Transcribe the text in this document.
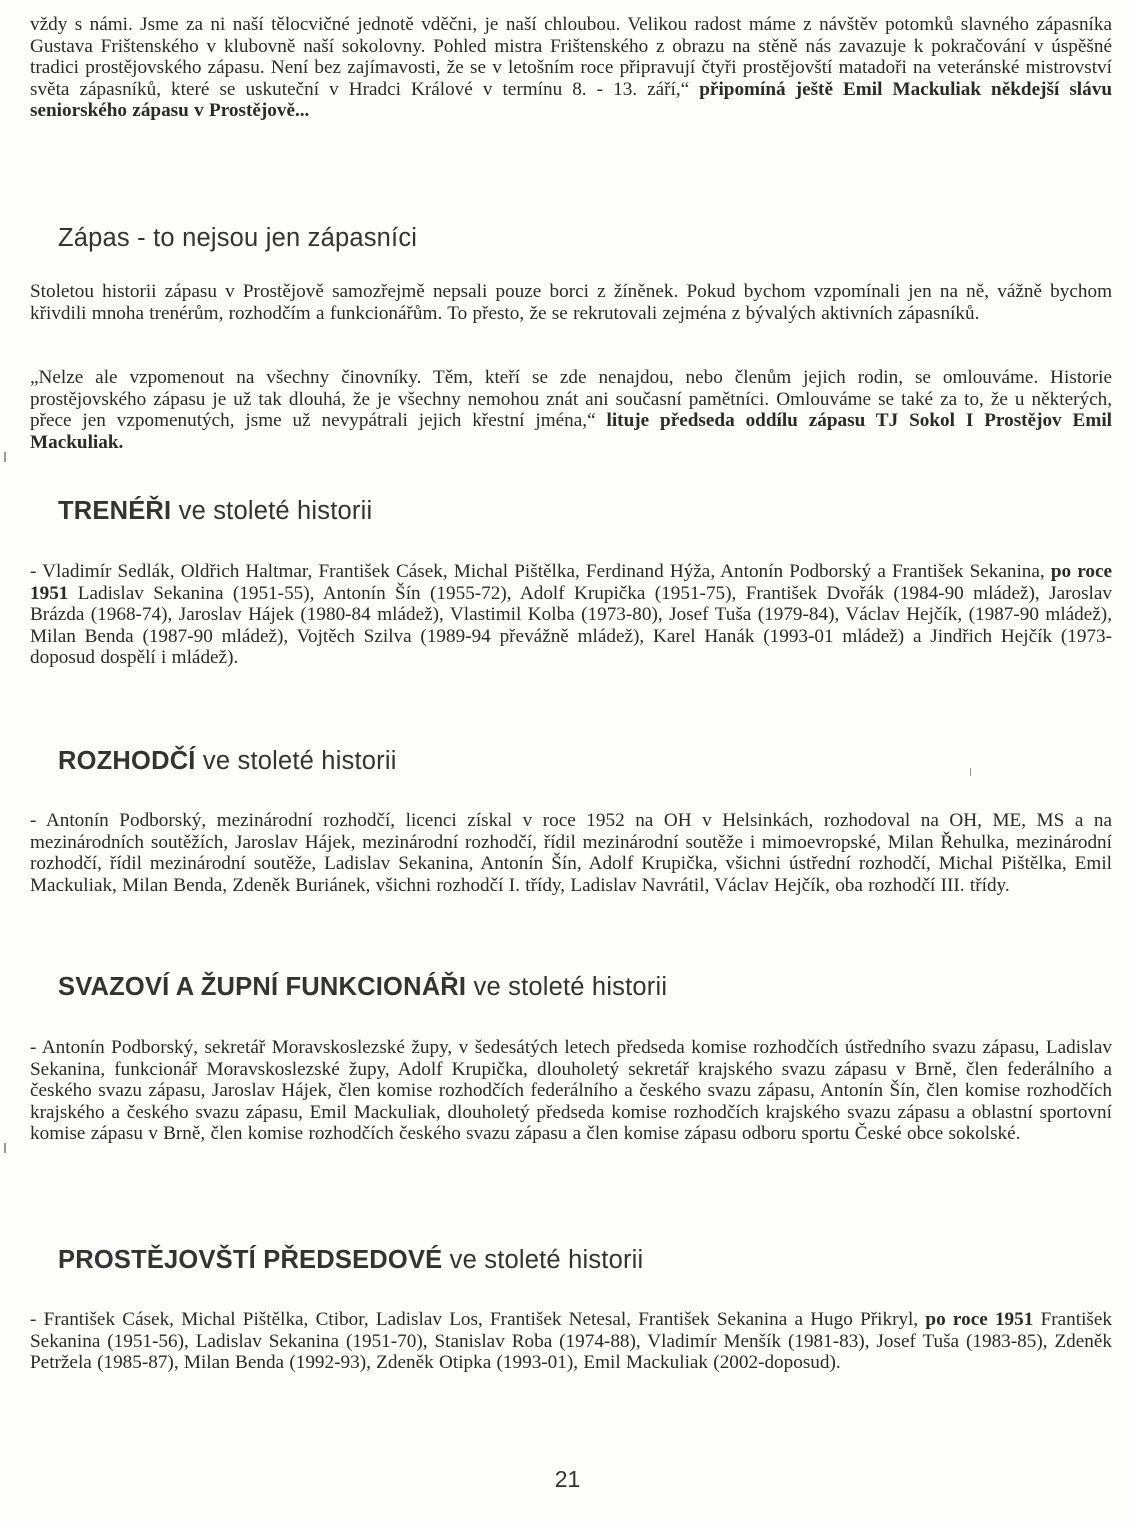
vždy s námi. Jsme za ni naší tělocvičné jednotě vděčni, je naší chloubou. Velikou radost máme z návštěv potomků slavného zápasníka Gustava Frištenského v klubovně naší sokolovny. Pohled mistra Frištenského z obrazu na stěně nás zavazuje k pokračování v úspěšné tradici prostějovského zápasu. Není bez zajímavosti, že se v letošním roce připravují čtyři prostějovští matadoři na veteránské mistrovství světa zápasníků, které se uskuteční v Hradci Králové v termínu 8. - 13. září,“ připomíná ještě Emil Mackuliak někdejší slávu seniorského zápasu v Prostějově...

Zápas - to nejsou jen zápasníci

Stoletou historii zápasu v Prostějově samozřejmě nepsali pouze borci z žíněnek. Pokud bychom vzpomínali jen na ně, vážně bychom křivdili mnoha trenérům, rozhodčím a funkcionářům. To přesto, že se rekrutovali zejména z bývalých aktivních zápasníků.

„Nelze ale vzpomenout na všechny činovníky. Těm, kteří se zde nenajdou, nebo členům jejich rodin, se omlouváme. Historie prostějovského zápasu je už tak dlouhá, že je všechny nemohou znát ani současní pamětníci. Omlouváme se také za to, že u některých, přece jen vzpomenutých, jsme už nevypátrali jejich křestní jména,“ lituje předseda oddílu zápasu TJ Sokol I Prostějov Emil Mackuliak.

TRENÉŘI ve stoleté historii

- Vladimír Sedlák, Oldřich Haltmar, František Cásek, Michal Pištělka, Ferdinand Hýža, Antonín Podborský a František Sekanina, po roce 1951 Ladislav Sekanina (1951-55), Antonín Šín (1955-72), Adolf Krupička (1951-75), František Dvořák (1984-90 mládež), Jaroslav Brázda (1968-74), Jaroslav Hájek (1980-84 mládež), Vlastimil Kolba (1973-80), Josef Tuša (1979-84), Václav Hejčík, (1987-90 mládež), Milan Benda (1987-90 mládež), Vojtěch Szilva (1989-94 převážně mládež), Karel Hanák (1993-01 mládež) a Jindřich Hejčík (1973-doposud dospělí i mládež).

ROZHODČÍ ve stoleté historii

- Antonín Podborský, mezinárodní rozhodčí, licenci získal v roce 1952 na OH v Helsinkách, rozhodoval na OH, ME, MS a na mezinárodních soutěžích, Jaroslav Hájek, mezinárodní rozhodčí, řídil mezinárodní soutěže i mimoevropské, Milan Řehulka, mezinárodní rozhodčí, řídil mezinárodní soutěže, Ladislav Sekanina, Antonín Šín, Adolf Krupička, všichni ústřední rozhodčí, Michal Pištělka, Emil Mackuliak, Milan Benda, Zdeněk Buriánek, všichni rozhodčí I. třídy, Ladislav Navrátil, Václav Hejčík, oba rozhodčí III. třídy.

SVAZOVÍ A ŽUPNÍ FUNKCIONÁŘI ve stoleté historii

- Antonín Podborský, sekretář Moravskoslezské župy, v šedesátých letech předseda komise rozhodčích ústředního svazu zápasu, Ladislav Sekanina, funkcionář Moravskoslezské župy, Adolf Krupička, dlouholetý sekretář krajského svazu zápasu v Brně, člen federálního a českého svazu zápasu, Jaroslav Hájek, člen komise rozhodčích federálního a českého svazu zápasu, Antonín Šín, člen komise rozhodčích krajského a českého svazu zápasu, Emil Mackuliak, dlouholetý předseda komise rozhodčích krajského svazu zápasu a oblastní sportovní komise zápasu v Brně, člen komise rozhodčích českého svazu zápasu a člen komise zápasu odboru sportu České obce sokolské.

PROSTĚJOVŠTÍ PŘEDSEDOVÉ ve stoleté historii

- František Cásek, Michal Pištělka, Ctibor, Ladislav Los, František Netesal, František Sekanina a Hugo Přikryl, po roce 1951 František Sekanina (1951-56), Ladislav Sekanina (1951-70), Stanislav Roba (1974-88), Vladimír Menšík (1981-83), Josef Tuša (1983-85), Zdeněk Petržela (1985-87), Milan Benda (1992-93), Zdeněk Otipka (1993-01), Emil Mackuliak (2002-doposud).

21
